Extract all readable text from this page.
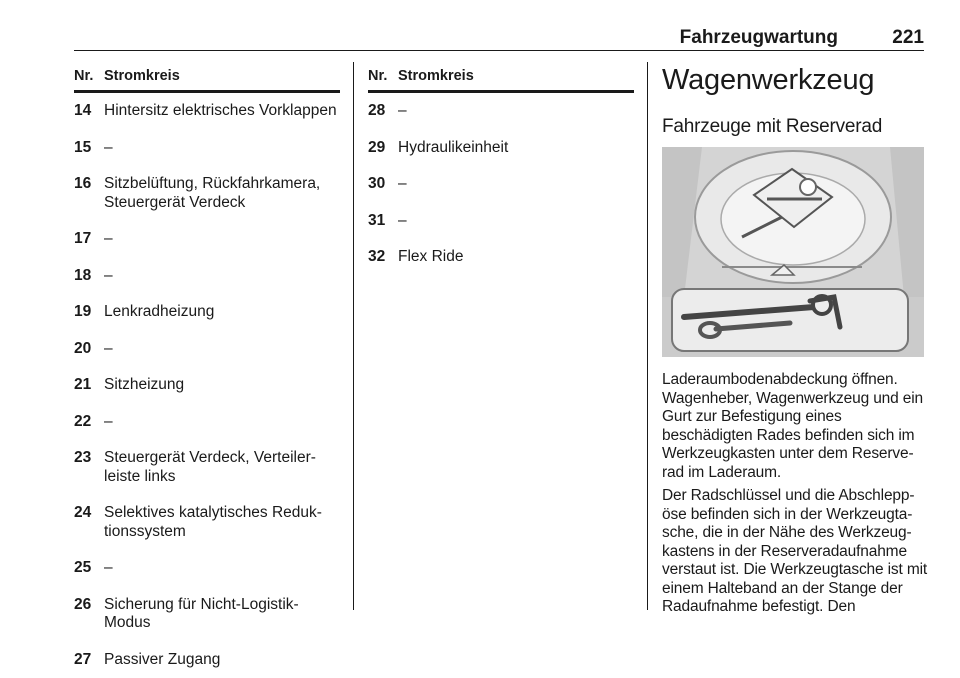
Fahrzeugwartung	221
Nr. Stromkreis
14 Hintersitz elektrisches Vorklappen
15 –
16 Sitzbelüftung, Rückfahrkamera, Steuergerät Verdeck
17 –
18 –
19 Lenkradheizung
20 –
21 Sitzheizung
22 –
23 Steuergerät Verdeck, Verteiler-leiste links
24 Selektives katalytisches Reduk-tionssystem
25 –
26 Sicherung für Nicht-Logistik-Modus
27 Passiver Zugang
Nr. Stromkreis
28 –
29 Hydraulikeinheit
30 –
31 –
32 Flex Ride
Wagenwerkzeug
Fahrzeuge mit Reserverad

Laderaumbodenabdeckung öffnen. Wagenheber, Wagenwerkzeug und ein Gurt zur Befestigung eines beschädigten Rades befinden sich im Werkzeugkasten unter dem Reserve-rad im Laderaum.

Der Radschlüssel und die Abschlepp-öse befinden sich in der Werkzeugta-sche, die in der Nähe des Werkzeug-kastens in der Reserveradaufnahme verstaut ist. Die Werkzeugtasche ist mit einem Halteband an der Stange der Radaufnahme befestigt. Den
